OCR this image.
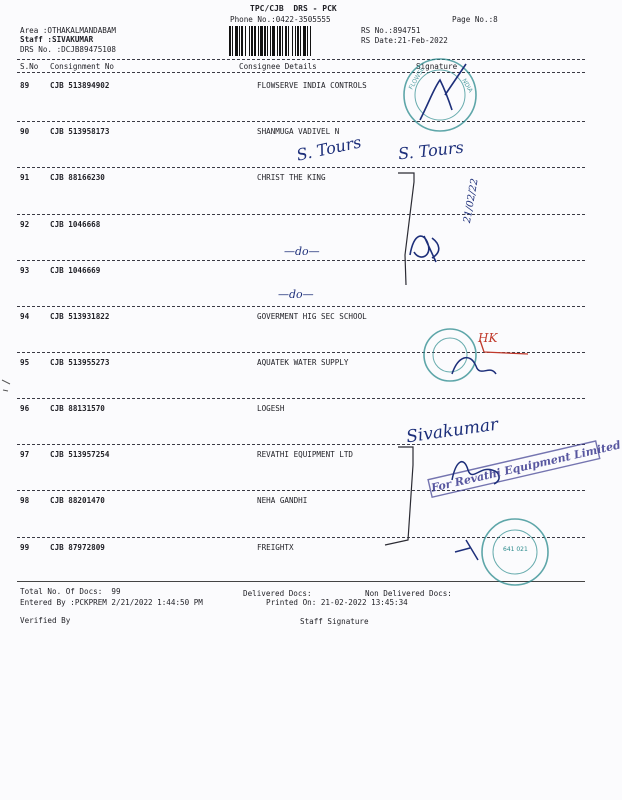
TPC/CJB  DRS - PCK
Phone No.:0422-3505555	Page No.:8
Area :OTHAKALMANDABAM
Staff :SIVAKUMAR
DRS No. :DCJB89475108
RS No.:894751
RS Date:21-Feb-2022
S.No Consignment No	Consignee Details	Signature
89	CJB 513894902	FLOWSERVE INDIA CONTROLS
90	CJB 513958173	SHANMUGA VADIVEL N
91	CJB 88166230	CHRIST THE KING
92	CJB 1046668
93	CJB 1046669
94	CJB 513931822	GOVERMENT HIG SEC SCHOOL
95	CJB 513955273	AQUATEK WATER SUPPLY
96	CJB 88131570	LOGESH
97	CJB 513957254	REVATHI EQUIPMENT LTD
98	CJB 88201470	NEHA GANDHI
99	CJB 87972809	FREIGHTX
Total No. Of Docs:  99	Delivered Docs:	Non Delivered Docs:
Entered By :PCKPREM 2/21/2022 1:44:50 PM	Printed On: 21-02-2022 13:45:34
Verified By	Staff Signature
FLOWSE	NDIA
S. Tours S. Tours
21/02/22
—do—
—do—
Sivakumar
HK
For Revathi Equipment Limited
641 021
